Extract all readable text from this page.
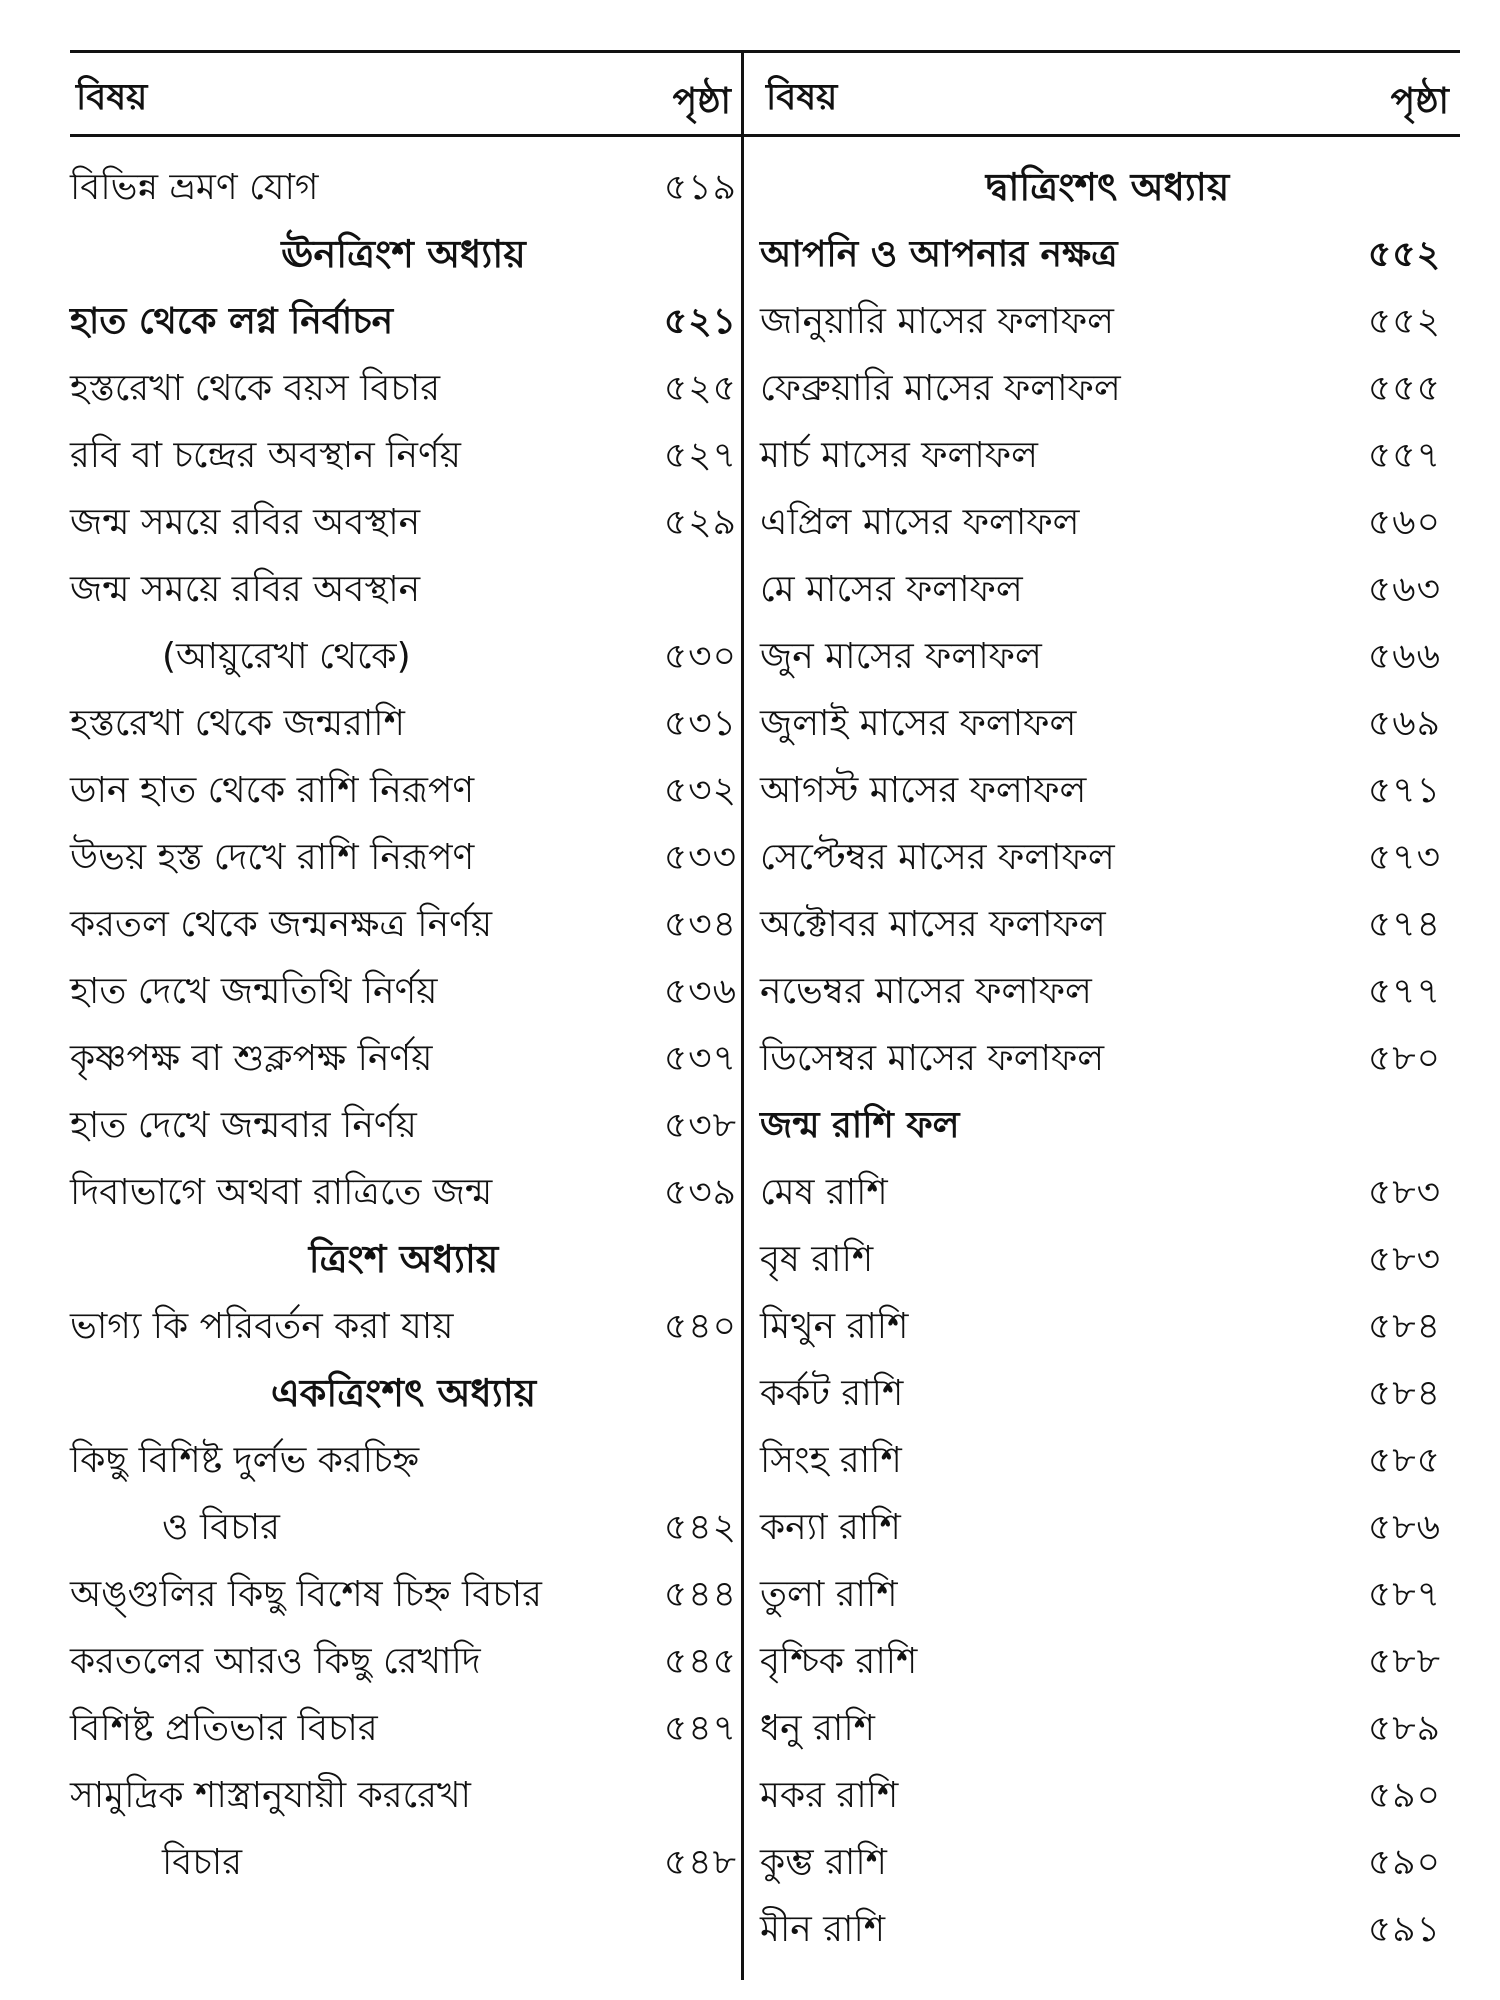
বিষয়	পৃষ্ঠা
বিভিন্ন ভ্রমণ যোগ	৫১৯
ঊনত্রিংশ অধ্যায়
হাত থেকে লগ্ন নির্বাচন	৫২১
হস্তরেখা থেকে বয়স বিচার	৫২৫
রবি বা চন্দ্রের অবস্থান নির্ণয়	৫২৭
জন্ম সময়ে রবির অবস্থান	৫২৯
জন্ম সময়ে রবির অবস্থান
(আয়ুরেখা থেকে)	৫৩০
হস্তরেখা থেকে জন্মরাশি	৫৩১
ডান হাত থেকে রাশি নিরূপণ	৫৩২
উভয় হস্ত দেখে রাশি নিরূপণ	৫৩৩
করতল থেকে জন্মনক্ষত্র নির্ণয়	৫৩৪
হাত দেখে জন্মতিথি নির্ণয়	৫৩৬
কৃষ্ণপক্ষ বা শুক্লপক্ষ নির্ণয়	৫৩৭
হাত দেখে জন্মবার নির্ণয়	৫৩৮
দিবাভাগে অথবা রাত্রিতে জন্ম	৫৩৯
ত্রিংশ অধ্যায়
ভাগ্য কি পরিবর্তন করা যায়	৫৪০
একত্রিংশৎ অধ্যায়
কিছু বিশিষ্ট দুর্লভ করচিহ্ন
ও বিচার	৫৪২
অঙ্গুলির কিছু বিশেষ চিহ্ন বিচার	৫৪৪
করতলের আরও কিছু রেখাদি	৫৪৫
বিশিষ্ট প্রতিভার বিচার	৫৪৭
সামুদ্রিক শাস্ত্রানুযায়ী কররেখা
বিচার	৫৪৮
বিষয়	পৃষ্ঠা
দ্বাত্রিংশৎ অধ্যায়
আপনি ও আপনার নক্ষত্র	৫৫২
জানুয়ারি মাসের ফলাফল	৫৫২
ফেব্রুয়ারি মাসের ফলাফল	৫৫৫
মার্চ মাসের ফলাফল	৫৫৭
এপ্রিল মাসের ফলাফল	৫৬০
মে মাসের ফলাফল	৫৬৩
জুন মাসের ফলাফল	৫৬৬
জুলাই মাসের ফলাফল	৫৬৯
আগস্ট মাসের ফলাফল	৫৭১
সেপ্টেম্বর মাসের ফলাফল	৫৭৩
অক্টোবর মাসের ফলাফল	৫৭৪
নভেম্বর মাসের ফলাফল	৫৭৭
ডিসেম্বর মাসের ফলাফল	৫৮০
জন্ম রাশি ফল
মেষ রাশি	৫৮৩
বৃষ রাশি	৫৮৩
মিথুন রাশি	৫৮৪
কর্কট রাশি	৫৮৪
সিংহ রাশি	৫৮৫
কন্যা রাশি	৫৮৬
তুলা রাশি	৫৮৭
বৃশ্চিক রাশি	৫৮৮
ধনু রাশি	৫৮৯
মকর রাশি	৫৯০
কুম্ভ রাশি	৫৯০
মীন রাশি	৫৯১
